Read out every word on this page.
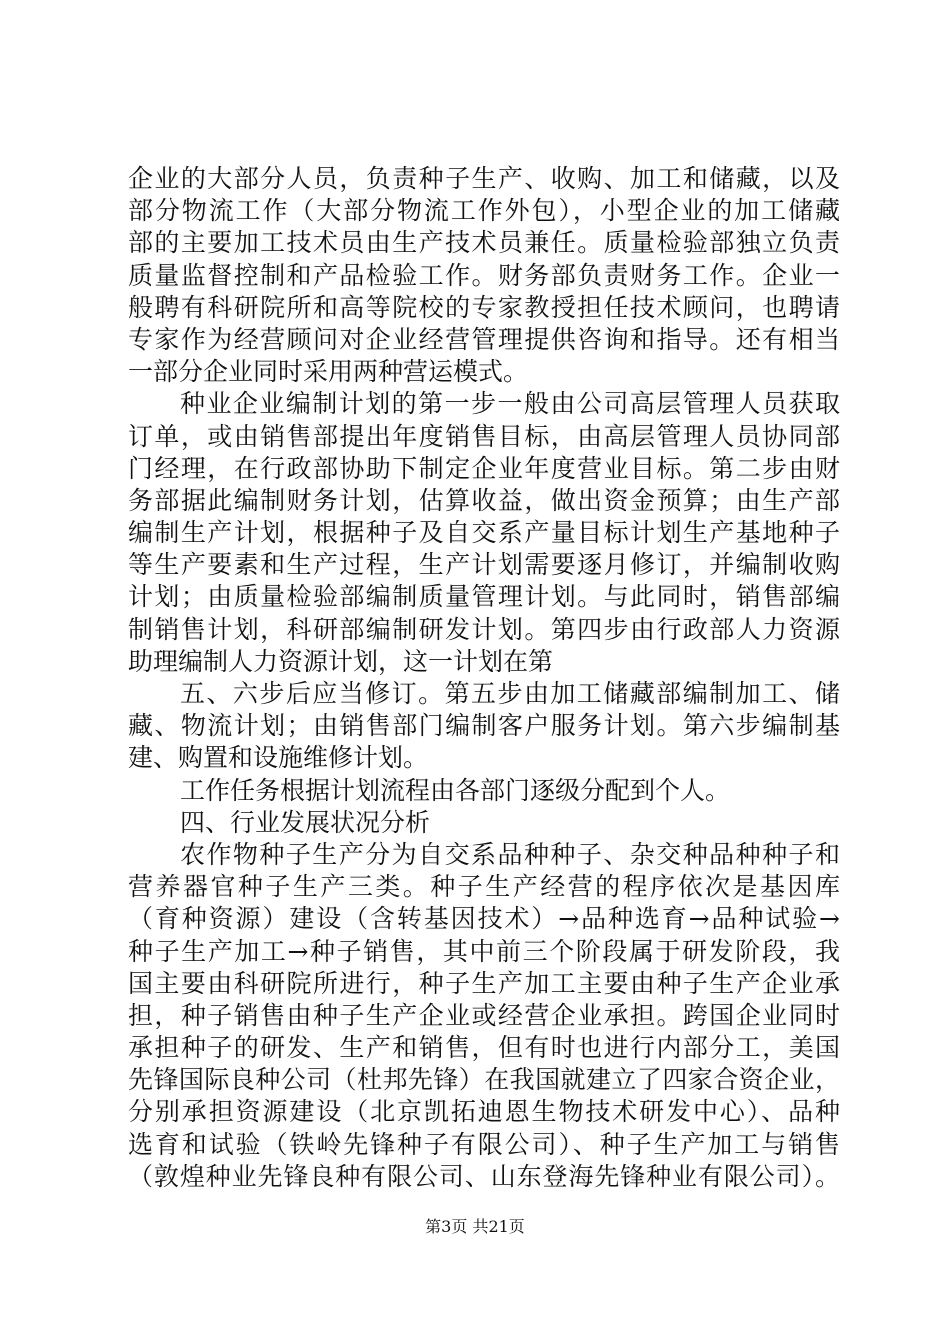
企业的大部分人员，负责种子生产、收购、加工和储藏，以及
部分物流工作（大部分物流工作外包），小型企业的加工储藏
部的主要加工技术员由生产技术员兼任。质量检验部独立负责
质量监督控制和产品检验工作。财务部负责财务工作。企业一
般聘有科研院所和高等院校的专家教授担任技术顾问，也聘请
专家作为经营顾问对企业经营管理提供咨询和指导。还有相当
一部分企业同时采用两种营运模式。
种业企业编制计划的第一步一般由公司高层管理人员获取
订单，或由销售部提出年度销售目标，由高层管理人员协同部
门经理，在行政部协助下制定企业年度营业目标。第二步由财
务部据此编制财务计划，估算收益，做出资金预算；由生产部
编制生产计划，根据种子及自交系产量目标计划生产基地种子
等生产要素和生产过程，生产计划需要逐月修订，并编制收购
计划；由质量检验部编制质量管理计划。与此同时，销售部编
制销售计划，科研部编制研发计划。第四步由行政部人力资源
助理编制人力资源计划，这一计划在第
五、六步后应当修订。第五步由加工储藏部编制加工、储
藏、物流计划；由销售部门编制客户服务计划。第六步编制基
建、购置和设施维修计划。
工作任务根据计划流程由各部门逐级分配到个人。
四、行业发展状况分析
农作物种子生产分为自交系品种种子、杂交种品种种子和
营养器官种子生产三类。种子生产经营的程序依次是基因库
（育种资源）建设（含转基因技术）→品种选育→品种试验→
种子生产加工→种子销售，其中前三个阶段属于研发阶段，我
国主要由科研院所进行，种子生产加工主要由种子生产企业承
担，种子销售由种子生产企业或经营企业承担。跨国企业同时
承担种子的研发、生产和销售，但有时也进行内部分工，美国
先锋国际良种公司（杜邦先锋）在我国就建立了四家合资企业，
分别承担资源建设（北京凯拓迪恩生物技术研发中心）、品种
选育和试验（铁岭先锋种子有限公司）、种子生产加工与销售
（敦煌种业先锋良种有限公司、山东登海先锋种业有限公司）。
第3页 共21页
